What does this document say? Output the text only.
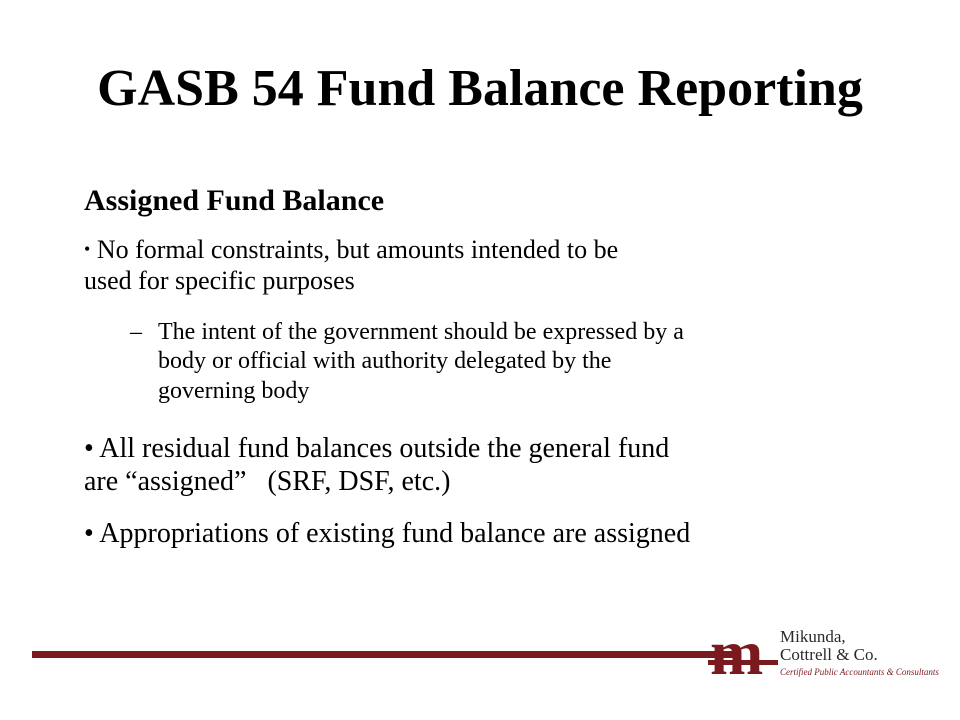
GASB 54 Fund Balance Reporting
Assigned Fund Balance
• No formal constraints, but amounts intended to be
used for specific purposes
– The intent of the government should be expressed by a
body or official with authority delegated by the
governing body
• All residual fund balances outside the general fund
are “assigned”   (SRF, DSF, etc.)
• Appropriations of existing fund balance are assigned
m Mikunda,
Cottrell & Co.
Certified Public Accountants & Consultants
